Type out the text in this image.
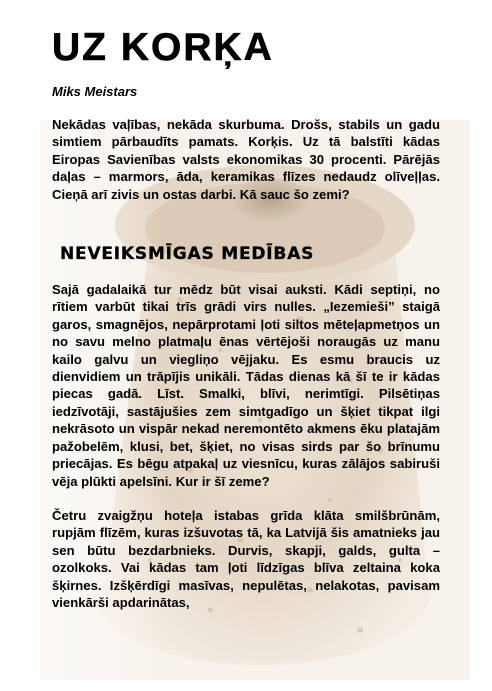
UZ KORĶA
Miks Meistars

Nekādas vaļības, nekāda skurbuma. Drošs, stabils un gadu simtiem pārbaudīts pamats. Korķis. Uz tā balstīti kādas Eiropas Savienības valsts ekonomikas 30 procenti. Pārējās daļas – marmors, āda, keramikas flīzes nedaudz olīveļļas. Cieņā arī zivis un ostas darbi. Kā sauc šo zemi?

NEVEIKSMĪGAS MEDĪBAS

Sajā gadalaikā tur mēdz būt visai auksti. Kādi septiņi, no rītiem varbūt tikai trīs grādi virs nulles. „Iezemieši” staigā garos, smagnējos, nepārprotami ļoti siltos mēteļapmetņos un no savu melno platmaļu ēnas vērtējoši noraugās uz manu kailo galvu un viegliņo vējjaku. Es esmu braucis uz dienvidiem un trāpījis unikāli. Tādas dienas kā šī te ir kādas piecas gadā. Līst. Smalki, blīvi, nerimtīgi. Pilsētiņas iedzīvotāji, sastājušies zem simtgadīgo un šķiet tikpat ilgi nekrāsoto un vispār nekad neremontēto akmens ēku platajām pažobelēm, klusi, bet, šķiet, no visas sirds par šo brīnumu priecājas. Es bēgu atpakaļ uz viesnīcu, kuras zālājos sabiruši vēja plūkti apelsīni. Kur ir šī zeme?

Četru zvaigžņu hoteļa istabas grīda klāta smilšbrūnām, rupjām flīzēm, kuras izšuvotas tā, ka Latvijā šis amatnieks jau sen būtu bezdarbnieks. Durvis, skapji, galds, gulta – ozolkoks. Vai kādas tam ļoti līdzīgas blīva zeltaina koka šķirnes. Izšķērdīgi masīvas, nepulētas, nelakotas, pavisam vienkārši apdarinātas,
